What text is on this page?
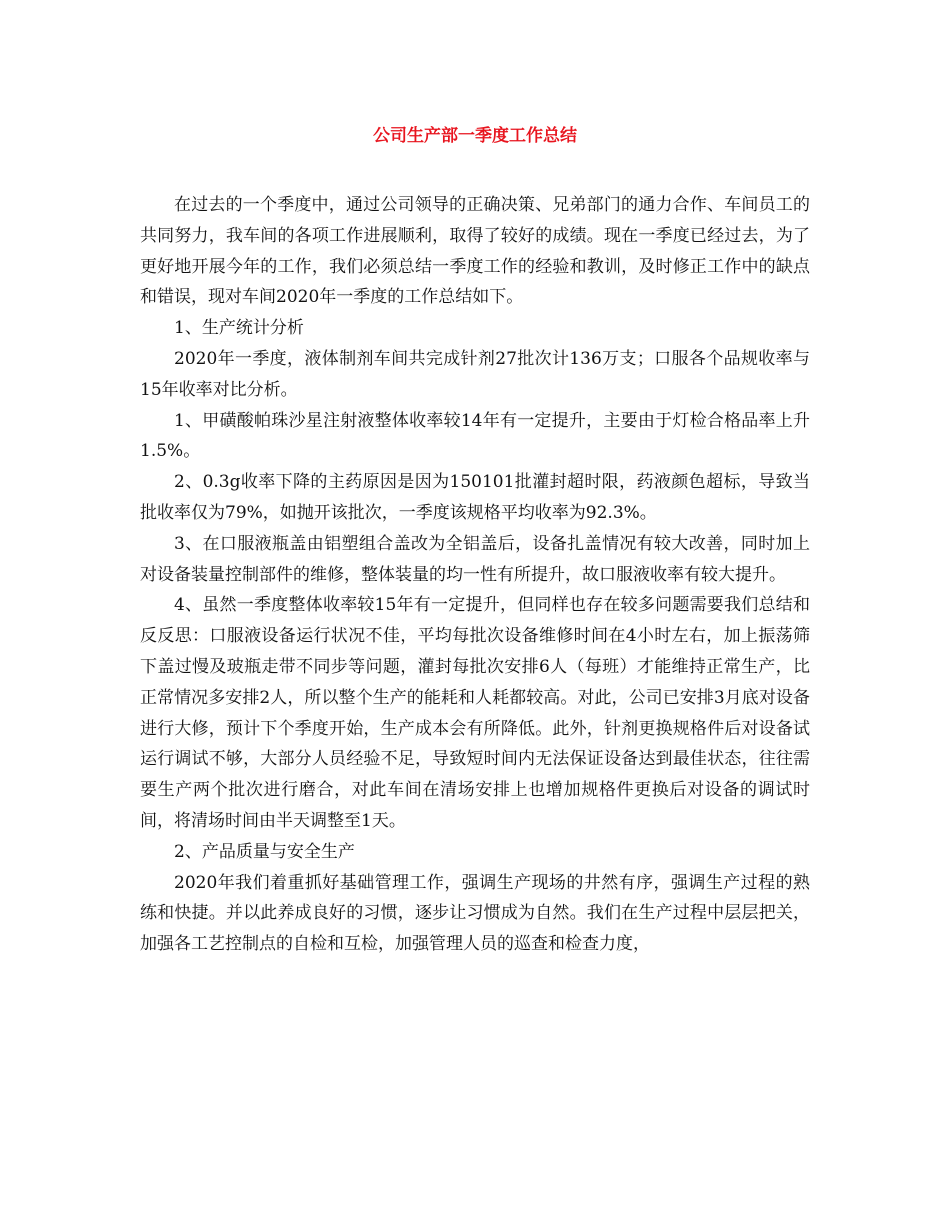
公司生产部一季度工作总结

在过去的一个季度中，通过公司领导的正确决策、兄弟部门的通力合作、车间员工的共同努力，我车间的各项工作进展顺利，取得了较好的成绩。现在一季度已经过去，为了更好地开展今年的工作，我们必须总结一季度工作的经验和教训，及时修正工作中的缺点和错误，现对车间2020年一季度的工作总结如下。

1、生产统计分析

2020年一季度，液体制剂车间共完成针剂27批次计136万支；口服各个品规收率与15年收率对比分析。

1、甲磺酸帕珠沙星注射液整体收率较14年有一定提升，主要由于灯检合格品率上升1.5%。

2、0.3g收率下降的主药原因是因为150101批灌封超时限，药液颜色超标，导致当批收率仅为79%，如抛开该批次，一季度该规格平均收率为92.3%。

3、在口服液瓶盖由铝塑组合盖改为全铝盖后，设备扎盖情况有较大改善，同时加上对设备装量控制部件的维修，整体装量的均一性有所提升，故口服液收率有较大提升。

4、虽然一季度整体收率较15年有一定提升，但同样也存在较多问题需要我们总结和反反思：口服液设备运行状况不佳，平均每批次设备维修时间在4小时左右，加上振荡筛下盖过慢及玻瓶走带不同步等问题，灌封每批次安排6人（每班）才能维持正常生产，比正常情况多安排2人，所以整个生产的能耗和人耗都较高。对此，公司已安排3月底对设备进行大修，预计下个季度开始，生产成本会有所降低。此外，针剂更换规格件后对设备试运行调试不够，大部分人员经验不足，导致短时间内无法保证设备达到最佳状态，往往需要生产两个批次进行磨合，对此车间在清场安排上也增加规格件更换后对设备的调试时间，将清场时间由半天调整至1天。

2、产品质量与安全生产

2020年我们着重抓好基础管理工作，强调生产现场的井然有序，强调生产过程的熟练和快捷。并以此养成良好的习惯，逐步让习惯成为自然。我们在生产过程中层层把关，加强各工艺控制点的自检和互检，加强管理人员的巡查和检查力度，
